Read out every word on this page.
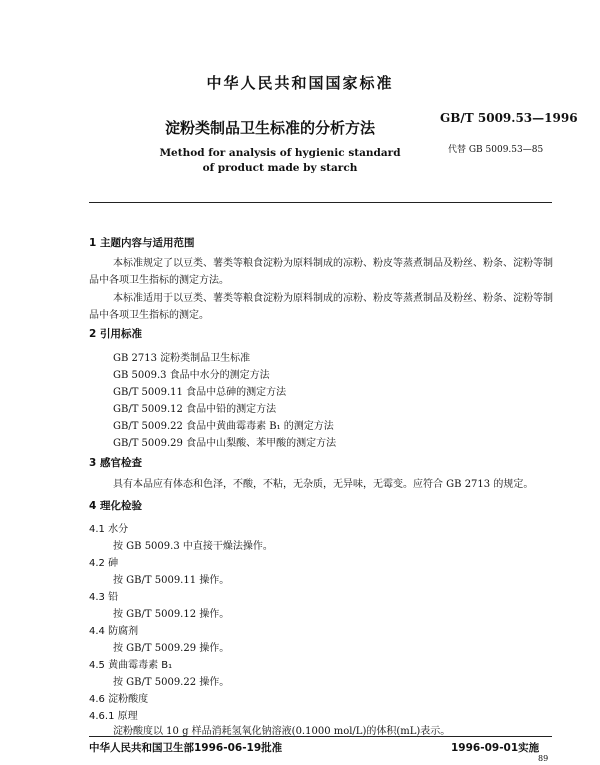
中华人民共和国国家标准
淀粉类制品卫生标准的分析方法
GB/T 5009.53—1996
代替 GB 5009.53—85
Method for analysis of hygienic standard
of product made by starch
1 主题内容与适用范围
本标准规定了以豆类、薯类等粮食淀粉为原料制成的凉粉、粉皮等蒸煮制品及粉丝、粉条、淀粉等制
品中各项卫生指标的测定方法。
本标准适用于以豆类、薯类等粮食淀粉为原料制成的凉粉、粉皮等蒸煮制品及粉丝、粉条、淀粉等制
品中各项卫生指标的测定。
2 引用标准
GB 2713 淀粉类制品卫生标准
GB 5009.3 食品中水分的测定方法
GB/T 5009.11 食品中总砷的测定方法
GB/T 5009.12 食品中铅的测定方法
GB/T 5009.22 食品中黄曲霉毒素 B₁ 的测定方法
GB/T 5009.29 食品中山梨酸、苯甲酸的测定方法
3 感官检查
具有本品应有体态和色泽，不酸，不粘，无杂质，无异味，无霉变。应符合 GB 2713 的规定。
4 理化检验
4.1 水分
按 GB 5009.3 中直接干燥法操作。
4.2 砷
按 GB/T 5009.11 操作。
4.3 铅
按 GB/T 5009.12 操作。
4.4 防腐剂
按 GB/T 5009.29 操作。
4.5 黄曲霉毒素 B₁
按 GB/T 5009.22 操作。
4.6 淀粉酸度
4.6.1 原理
淀粉酸度以 10 g 样品消耗氢氧化钠溶液(0.1000 mol/L)的体积(mL)表示。
中华人民共和国卫生部1996-06-19批准	1996-09-01实施
89
